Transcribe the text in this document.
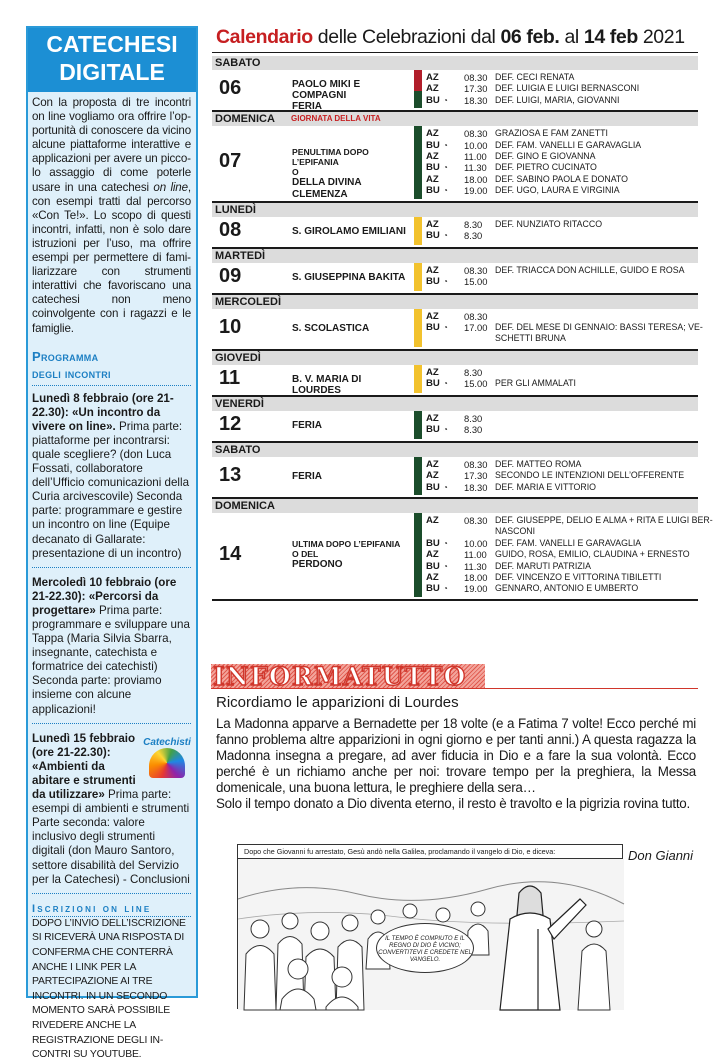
CATECHESI
DIGITALE

Con la proposta di tre incontri on line vogliamo ora offrire l’opportunità di conoscere da vicino alcune piattaforme interattive e applicazioni per avere un piccolo assaggio di come poterle usare in una catechesi on line, con esempi tratti dal percorso «Con Te!». Lo scopo di questi incontri, infatti, non è solo dare istruzioni per l’uso, ma offrire esempi per permettere di familiarizzare con strumenti interattivi che favoriscano una catechesi non meno coinvolgente con i ragazzi e le famiglie.

Programma
degli incontri

Lunedì 8 febbraio (ore 21-22.30): «Un incontro da vivere on line». Prima parte: piattaforme per incontrarsi: quale scegliere? (don Luca Fossati, collaboratore dell’Ufficio comunicazioni della Curia arcivescovile) Seconda parte: programmare e gestire un incontro on line (Equipe decanato di Gallarate: presentazione di un incontro)

Mercoledì 10 febbraio (ore 21-22.30): «Percorsi da progettare» Prima parte: programmare e sviluppare una Tappa (Maria Silvia Sbarra, insegnante, catechista e formatrice dei catechisti)

Seconda parte: proviamo insieme con alcune applicazioni!

Catechisti

Lunedì 15 febbraio (ore 21-22.30): «Ambienti da abitare e strumenti da utilizzare» Prima parte: esempi di ambienti e strumenti Parte seconda: valore inclusivo degli strumenti digitali (don Mauro Santoro, settore disabilità del Servizio per la Catechesi) - Conclusioni

Iscrizioni on line

DOPO L’INVIO DELL’ISCRIZIONE SI RICEVERÀ UNA RISPOSTA DI CONFERMA CHE CONTERRÀ ANCHE I LINK PER LA PARTECIPAZIONE AI TRE INCONTRI. IN UN SECONDO MOMENTO SARÀ POSSIBILE RIVEDERE ANCHE LA REGISTRAZIONE DEGLI INCONTRI SU YOUTUBE.

Calendario delle Celebrazioni dal 06 feb. al 14 feb 2021
SABATO
06	PAOLO MIKI E COMPAGNI
FERIA
AZ	08.30 DEF. CECI RENATA
AZ	17.30 DEF. LUIGIA E LUIGI BERNASCONI
BU ◔ 18.30 DEF. LUIGI, MARIA, GIOVANNI
DOMENICA GIORNATA DELLA VITA
07	PENULTIMA DOPO L’EPIFANIA
O
DELLA DIVINA CLEMENZA
AZ	08.30 GRAZIOSA E FAM ZANETTI
BU ◔ 10.00 DEF. FAM. VANELLI E GARAVAGLIA
AZ	11.00 DEF. GINO E GIOVANNA
BU ◔ 11.30 DEF. PIETRO CUCINATO
AZ	18.00 DEF. SABINO PAOLA E DONATO
BU ◔ 19.00 DEF. UGO, LAURA E VIRGINIA
LUNEDÌ
08	S. GIROLAMO EMILIANI
AZ	8.30	DEF. NUNZIATO RITACCO
BU ◔ 8.30
MARTEDÌ
09	S. GIUSEPPINA BAKITA
AZ	08.30 DEF. TRIACCA DON ACHILLE, GUIDO E ROSA
BU ◔ 15.00
MERCOLEDÌ
10	S. SCOLASTICA
AZ	08.30
BU ◔ 17.00 DEF. DEL MESE DI GENNAIO: BASSI TERESA; VE-
SCHETTI BRUNA
GIOVEDÌ
11	B. V. MARIA DI LOURDES
AZ	8.30
BU ◔ 15.00 PER GLI AMMALATI
VENERDÌ
12	FERIA
AZ	8.30
BU ◔ 8.30
SABATO
13	FERIA
AZ	08.30 DEF. MATTEO ROMA
AZ	17.30 SECONDO LE INTENZIONI DELL’OFFERENTE
BU ◔ 18.30 DEF. MARIA E VITTORIO
DOMENICA
14	ULTIMA DOPO L’EPIFANIA
O DEL
PERDONO
AZ	08.30 DEF. GIUSEPPE, DELIO E ALMA + RITA E LUIGI BER-
NASCONI
BU ◔ 10.00 DEF. FAM. VANELLI E GARAVAGLIA
AZ	11.00 GUIDO, ROSA, EMILIO, CLAUDINA + ERNESTO
BU ◔ 11.30 DEF. MARUTI PATRIZIA
AZ	18.00 DEF. VINCENZO E VITTORINA TIBILETTI
BU ◔ 19.00 GENNARO, ANTONIO E UMBERTO
INFORMATUTTO
Ricordiamo le apparizioni di Lourdes

La Madonna apparve a Bernadette per 18 volte (e a Fatima 7 volte! Ecco perché mi fanno problema altre apparizioni in ogni giorno e per tanti anni.) A questa ragazza la Madonna insegna a pregare, ad aver fiducia in Dio e a fare la sua volontà. Ecco perché è un richiamo anche per noi: trovare tempo per la preghiera, la Messa domenicale, una buona lettura, le preghiere della sera…

Solo il tempo donato a Dio diventa eterno, il resto è travolto e la pigrizia rovina tutto.

Don Gianni
Dopo che Giovanni fu arrestato, Gesù andò nella Galilea, proclamando il vangelo di Dio, e diceva:
IL TEMPO È COMPIUTO E IL REGNO DI DIO È VICINO; CONVERTITEVI E CREDETE NEL VANGELO.
